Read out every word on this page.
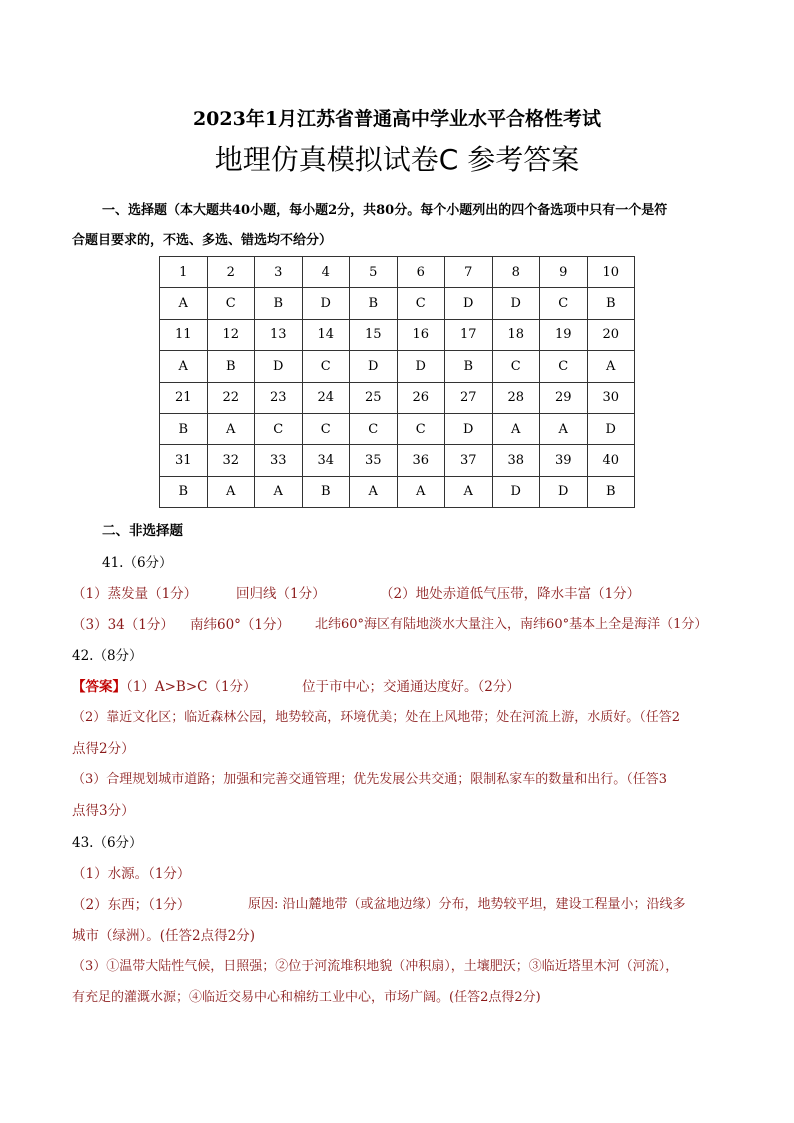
2023年1月江苏省普通高中学业水平合格性考试
地理仿真模拟试卷C 参考答案
一、选择题（本大题共40小题，每小题2分，共80分。每个小题列出的四个备选项中只有一个是符
合题目要求的，不选、多选、错选均不给分）
1	2	3	4	5	6	7	8	9	10
A	C	B	D	B	C	D	D	C	B
11	12	13	14	15	16	17	18	19	20
A	B	D	C	D	D	B	C	C	A
21	22	23	24	25	26	27	28	29	30
B	A	C	C	C	C	D	A	A	D
31	32	33	34	35	36	37	38	39	40
B	A	A	B	A	A	A	D	D	B
二、非选择题
41.（6分）
（1）蒸发量（1分）	回归线（1分）	（2）地处赤道低气压带，降水丰富（1分）
（3）34（1分） 南纬60°（1分） 北纬60°海区有陆地淡水大量注入，南纬60°基本上全是海洋（1分）
42.（8分）
【答案】（1）A>B>C（1分）	位于市中心；交通通达度好。（2分）
（2）靠近文化区；临近森林公园，地势较高，环境优美；处在上风地带；处在河流上游，水质好。（任答2
点得2分）
（3）合理规划城市道路；加强和完善交通管理；优先发展公共交通；限制私家车的数量和出行。（任答3
点得3分）
43.（6分）
（1）水源。（1分）
（2）东西；（1分）	原因: 沿山麓地带（或盆地边缘）分布，地势较平坦，建设工程量小；沿线多
城市（绿洲）。(任答2点得2分)
（3）①温带大陆性气候，日照强；②位于河流堆积地貌（冲积扇），土壤肥沃；③临近塔里木河（河流），
有充足的灌溉水源；④临近交易中心和棉纺工业中心，市场广阔。(任答2点得2分)
